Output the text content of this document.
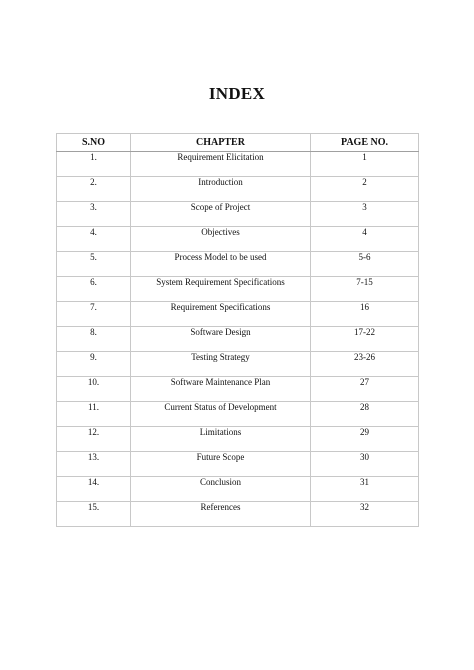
INDEX
S.NO	CHAPTER	PAGE NO.
1.	Requirement Elicitation	1
2.	Introduction	2
3.	Scope of Project	3
4.	Objectives	4
5.	Process Model to be used	5-6
6.	System Requirement Specifications	7-15
7.	Requirement Specifications	16
8.	Software Design	17-22
9.	Testing Strategy	23-26
10.	Software Maintenance Plan	27
11.	Current Status of Development	28
12.	Limitations	29
13.	Future Scope	30
14.	Conclusion	31
15.	References	32
